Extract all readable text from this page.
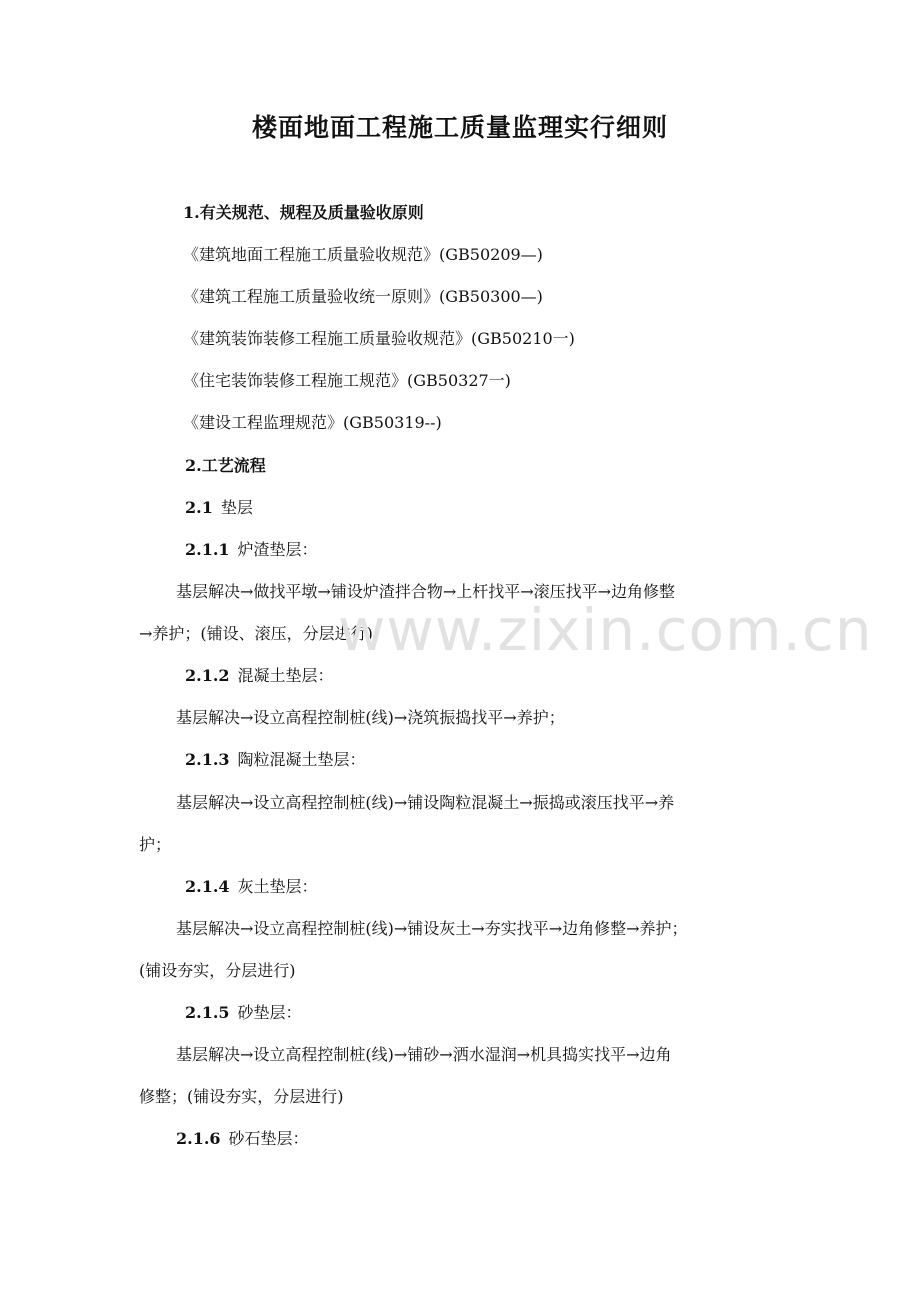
楼面地面工程施工质量监理实行细则
1.有关规范、规程及质量验收原则
《建筑地面工程施工质量验收规范》(GB50209—)
《建筑工程施工质量验收统一原则》(GB50300—)
《建筑装饰装修工程施工质量验收规范》(GB50210一)
《住宅装饰装修工程施工规范》(GB50327一)
《建设工程监理规范》(GB50319--)
2.工艺流程
2.1 垫层
2.1.1 炉渣垫层：
基层解决→做找平墩→铺设炉渣拌合物→上杆找平→滚压找平→边角修整
→养护；(铺设、滚压，分层进行)
2.1.2 混凝土垫层：
基层解决→设立高程控制桩(线)→浇筑振捣找平→养护；
2.1.3 陶粒混凝土垫层：
基层解决→设立高程控制桩(线)→铺设陶粒混凝土→振捣或滚压找平→养
护；
2.1.4 灰土垫层：
基层解决→设立高程控制桩(线)→铺设灰土→夯实找平→边角修整→养护；
(铺设夯实，分层进行)
2.1.5 砂垫层：
基层解决→设立高程控制桩(线)→铺砂→洒水湿润→机具捣实找平→边角
修整；(铺设夯实，分层进行)
2.1.6 砂石垫层：
www.zixin.com.cn
